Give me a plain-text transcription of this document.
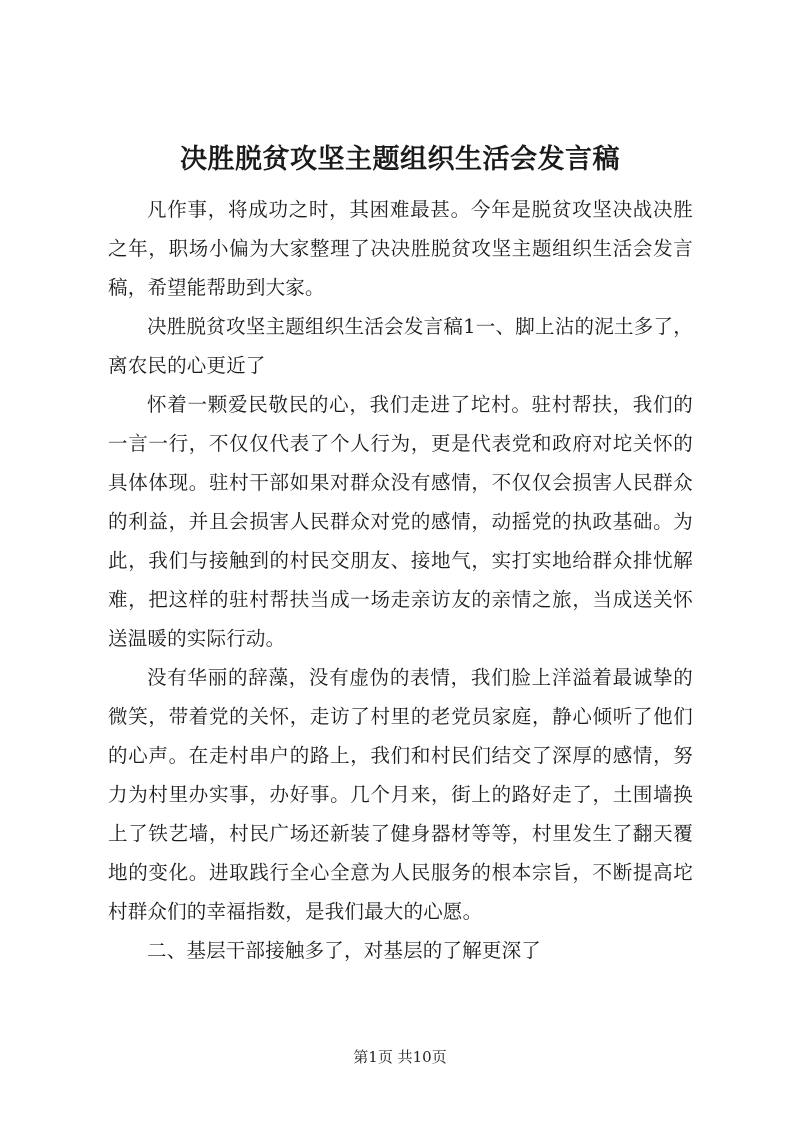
决胜脱贫攻坚主题组织生活会发言稿

凡作事，将成功之时，其困难最甚。今年是脱贫攻坚决战决胜之年，职场小偏为大家整理了决决胜脱贫攻坚主题组织生活会发言稿，希望能帮助到大家。

决胜脱贫攻坚主题组织生活会发言稿1一、脚上沾的泥土多了，离农民的心更近了

怀着一颗爱民敬民的心，我们走进了坨村。驻村帮扶，我们的一言一行，不仅仅代表了个人行为，更是代表党和政府对坨关怀的具体体现。驻村干部如果对群众没有感情，不仅仅会损害人民群众的利益，并且会损害人民群众对党的感情，动摇党的执政基础。为此，我们与接触到的村民交朋友、接地气，实打实地给群众排忧解难，把这样的驻村帮扶当成一场走亲访友的亲情之旅，当成送关怀送温暖的实际行动。

没有华丽的辞藻，没有虚伪的表情，我们脸上洋溢着最诚挚的微笑，带着党的关怀，走访了村里的老党员家庭，静心倾听了他们的心声。在走村串户的路上，我们和村民们结交了深厚的感情，努力为村里办实事，办好事。几个月来，街上的路好走了，土围墙换上了铁艺墙，村民广场还新装了健身器材等等，村里发生了翻天覆地的变化。进取践行全心全意为人民服务的根本宗旨，不断提高坨村群众们的幸福指数，是我们最大的心愿。

二、基层干部接触多了，对基层的了解更深了

第1页 共10页
